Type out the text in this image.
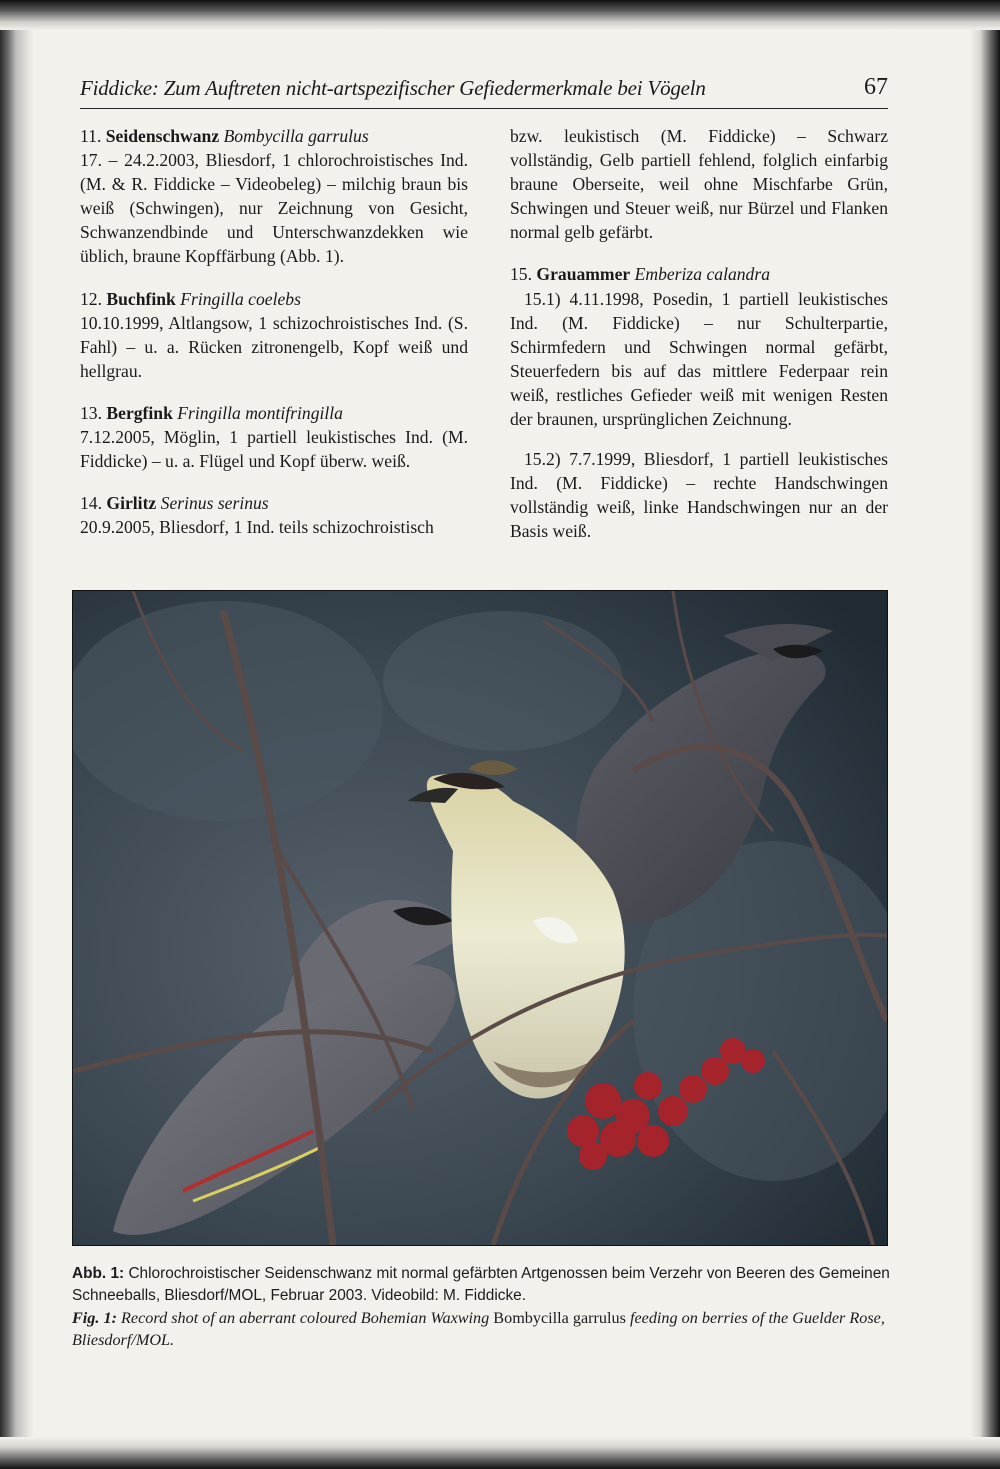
Fiddicke: Zum Auftreten nicht-artspezifischer Gefiedermerkmale bei Vögeln	67

11. Seidenschwanz Bombycilla garrulus

17. – 24.2.2003, Bliesdorf, 1 chlorochroistisches Ind. (M. & R. Fiddicke – Videobeleg) – milchig braun bis weiß (Schwingen), nur Zeichnung von Gesicht, Schwanzendbinde und Unterschwanzdekken wie üblich, braune Kopffärbung (Abb. 1).

12. Buchfink Fringilla coelebs

10.10.1999, Altlangsow, 1 schizochroistisches Ind. (S. Fahl) – u. a. Rücken zitronengelb, Kopf weiß und hellgrau.

13. Bergfink Fringilla montifringilla

7.12.2005, Möglin, 1 partiell leukistisches Ind. (M. Fiddicke) – u. a. Flügel und Kopf überw. weiß.

14. Girlitz Serinus serinus

20.9.2005, Bliesdorf, 1 Ind. teils schizochroistisch

bzw. leukistisch (M. Fiddicke) – Schwarz vollständig, Gelb partiell fehlend, folglich einfarbig braune Oberseite, weil ohne Mischfarbe Grün, Schwingen und Steuer weiß, nur Bürzel und Flanken normal gelb gefärbt.

15. Grauammer Emberiza calandra

15.1) 4.11.1998, Posedin, 1 partiell leukistisches Ind. (M. Fiddicke) – nur Schulterpartie, Schirmfedern und Schwingen normal gefärbt, Steuerfedern bis auf das mittlere Federpaar rein weiß, restliches Gefieder weiß mit wenigen Resten der braunen, ursprünglichen Zeichnung.

15.2) 7.7.1999, Bliesdorf, 1 partiell leukistisches Ind. (M. Fiddicke) – rechte Handschwingen vollständig weiß, linke Handschwingen nur an der Basis weiß.

Abb. 1: Chlorochroistischer Seidenschwanz mit normal gefärbten Artgenossen beim Verzehr von Beeren des Gemeinen Schneeballs, Bliesdorf/MOL, Februar 2003. Videobild: M. Fiddicke.

Fig. 1: Record shot of an aberrant coloured Bohemian Waxwing Bombycilla garrulus feeding on berries of the Guelder Rose, Bliesdorf/MOL.
